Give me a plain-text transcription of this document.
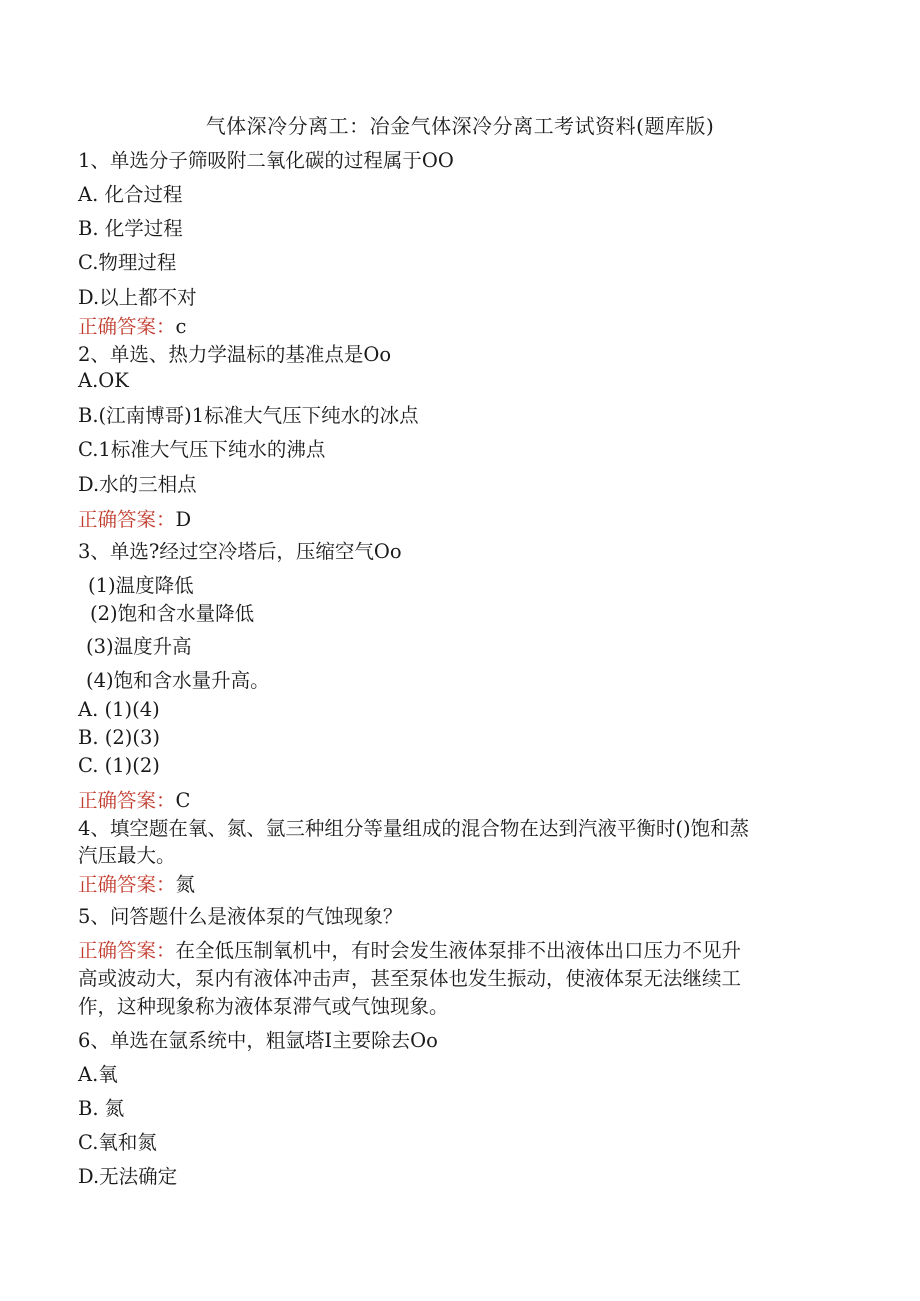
气体深冷分离工：冶金气体深冷分离工考试资料(题库版)
1、单选分子筛吸附二氧化碳的过程属于OO
A. 化合过程
B. 化学过程
C.物理过程
D.以上都不对
正确答案：c
2、单选、热力学温标的基准点是Oo
A.OK
B.(江南博哥)1标准大气压下纯水的冰点
C.1标准大气压下纯水的沸点
D.水的三相点
正确答案：D
3、单选?经过空冷塔后，压缩空气Oo
(1)温度降低
(2)饱和含水量降低
(3)温度升高
(4)饱和含水量升高。
A. (1)(4)
B. (2)(3)
C. (1)(2)
正确答案：C
4、填空题在氧、氮、氩三种组分等量组成的混合物在达到汽液平衡时()饱和蒸
汽压最大。
正确答案：氮
5、问答题什么是液体泵的气蚀现象？
正确答案：在全低压制氧机中，有时会发生液体泵排不出液体出口压力不见升
高或波动大，泵内有液体冲击声，甚至泵体也发生振动，使液体泵无法继续工
作，这种现象称为液体泵滞气或气蚀现象。
6、单选在氩系统中，粗氩塔I主要除去Oo
A.氧
B. 氮
C.氧和氮
D.无法确定
